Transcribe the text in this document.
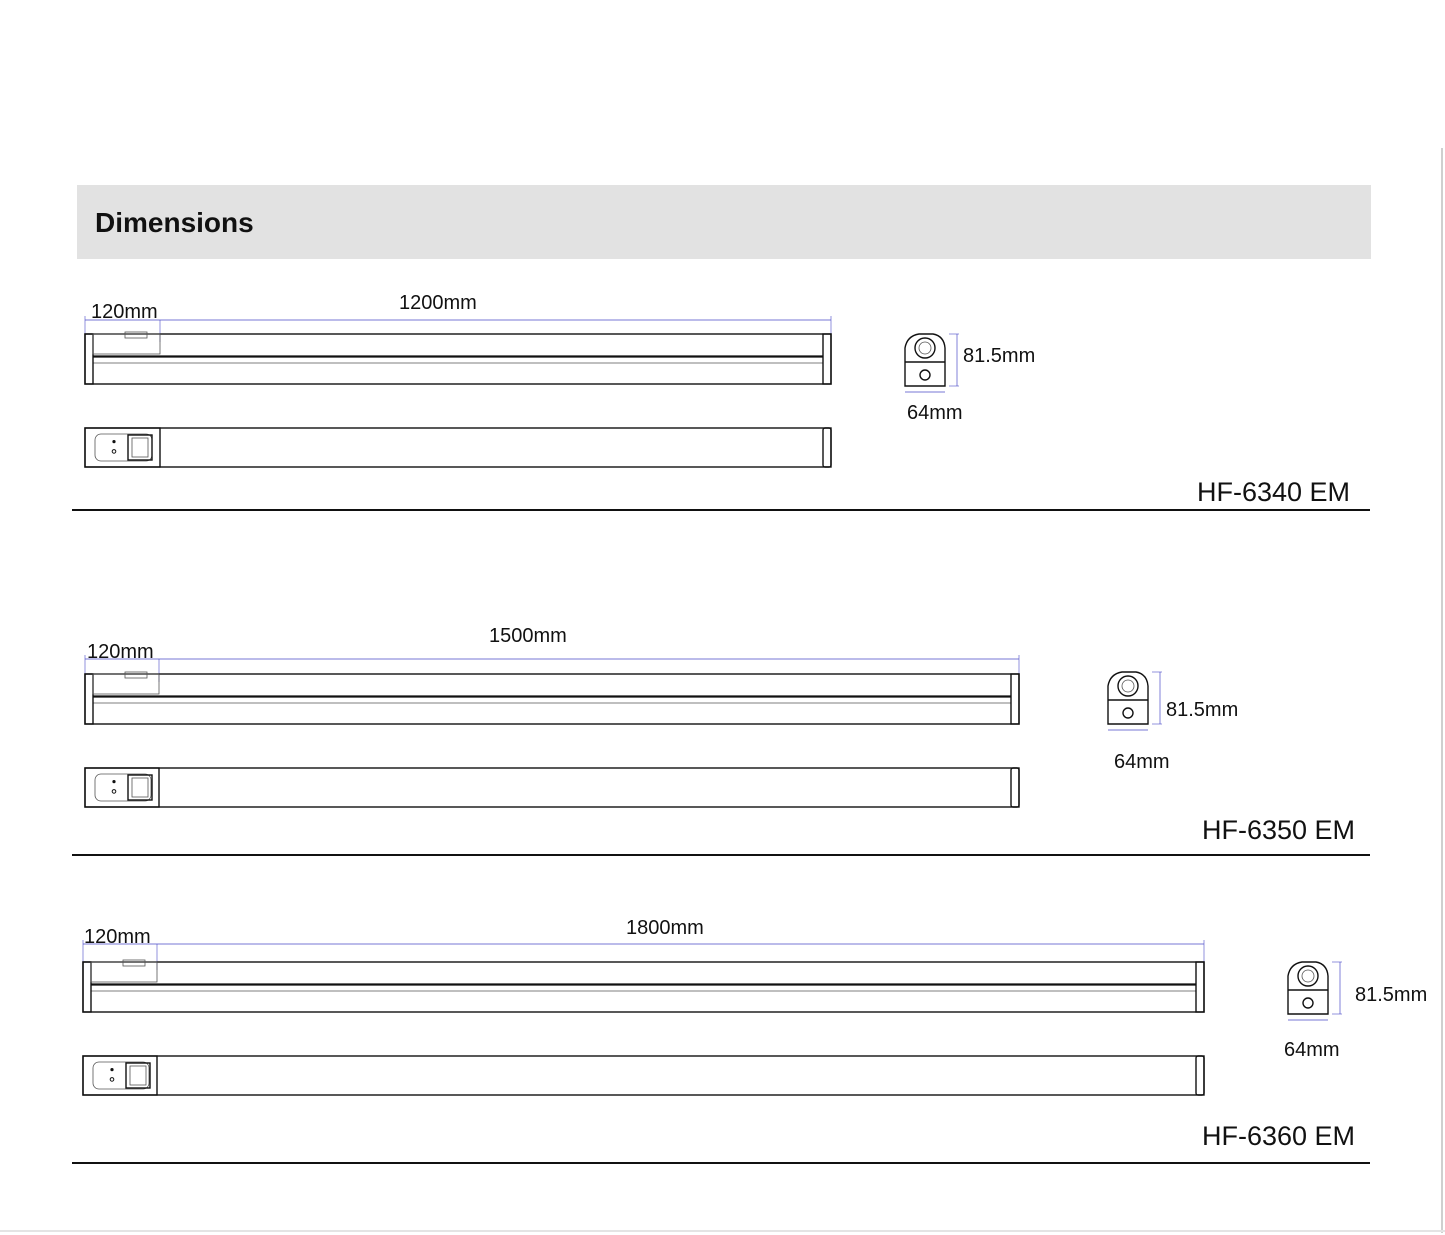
Dimensions
1200mm
120mm
81.5mm
64mm
HF-6340 EM
1500mm
120mm
81.5mm
64mm
HF-6350 EM
1800mm
120mm
81.5mm
64mm
HF-6360 EM
